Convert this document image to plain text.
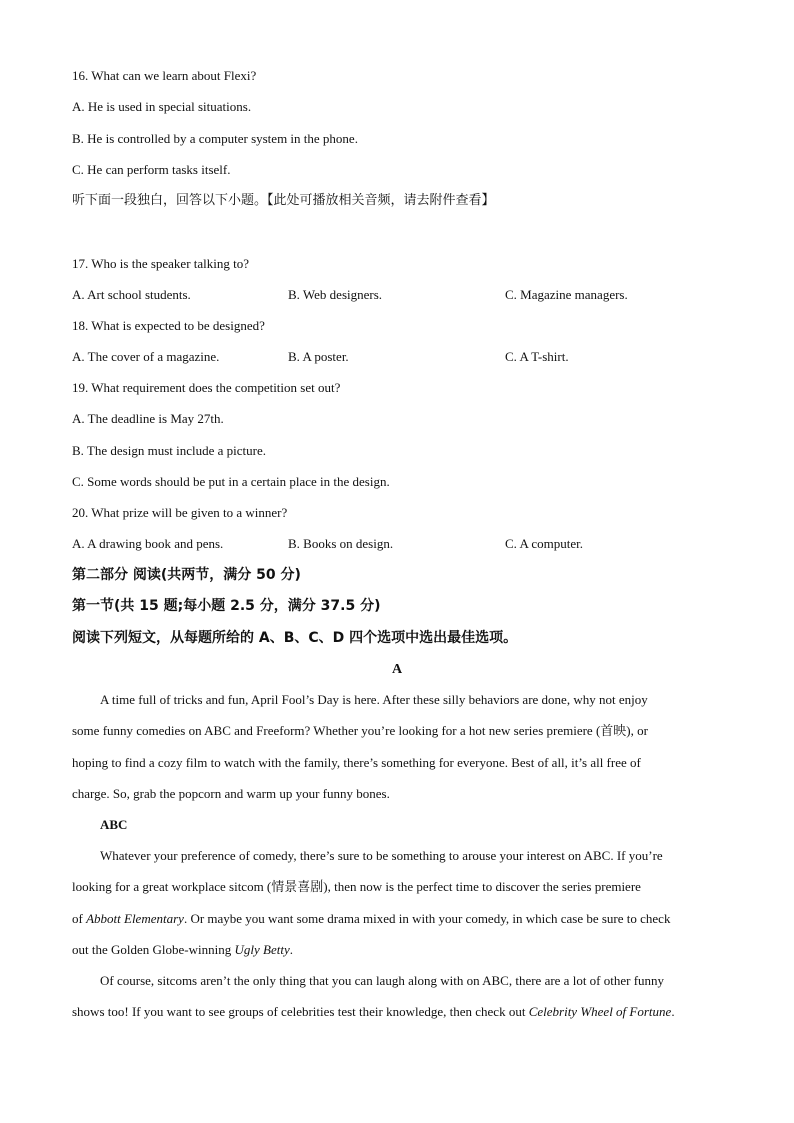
16. What can we learn about Flexi?
A. He is used in special situations.
B. He is controlled by a computer system in the phone.
C. He can perform tasks itself.
听下面一段独白，回答以下小题。【此处可播放相关音频，请去附件查看】
17. Who is the speaker talking to?
A. Art school students.	B. Web designers.	C. Magazine managers.
18. What is expected to be designed?
A. The cover of a magazine.	B. A poster.	C. A T-shirt.
19. What requirement does the competition set out?
A. The deadline is May 27th.
B. The design must include a picture.
C. Some words should be put in a certain place in the design.
20. What prize will be given to a winner?
A. A drawing book and pens.	B. Books on design.	C. A computer.
第二部分 阅读(共两节，满分 50 分)
第一节(共 15 题;每小题 2.5 分，满分 37.5 分)
阅读下列短文，从每题所给的 A、B、C、D 四个选项中选出最佳选项。
A
A time full of tricks and fun, April Fool’s Day is here. After these silly behaviors are done, why not enjoy
some funny comedies on ABC and Freeform? Whether you’re looking for a hot new series premiere (首映), or
hoping to find a cozy film to watch with the family, there’s something for everyone. Best of all, it’s all free of
charge. So, grab the popcorn and warm up your funny bones.
ABC
Whatever your preference of comedy, there’s sure to be something to arouse your interest on ABC. If you’re
looking for a great workplace sitcom (情景喜剧), then now is the perfect time to discover the series premiere
of Abbott Elementary. Or maybe you want some drama mixed in with your comedy, in which case be sure to check
out the Golden Globe-winning Ugly Betty.
Of course, sitcoms aren’t the only thing that you can laugh along with on ABC, there are a lot of other funny
shows too! If you want to see groups of celebrities test their knowledge, then check out Celebrity Wheel of Fortune.
